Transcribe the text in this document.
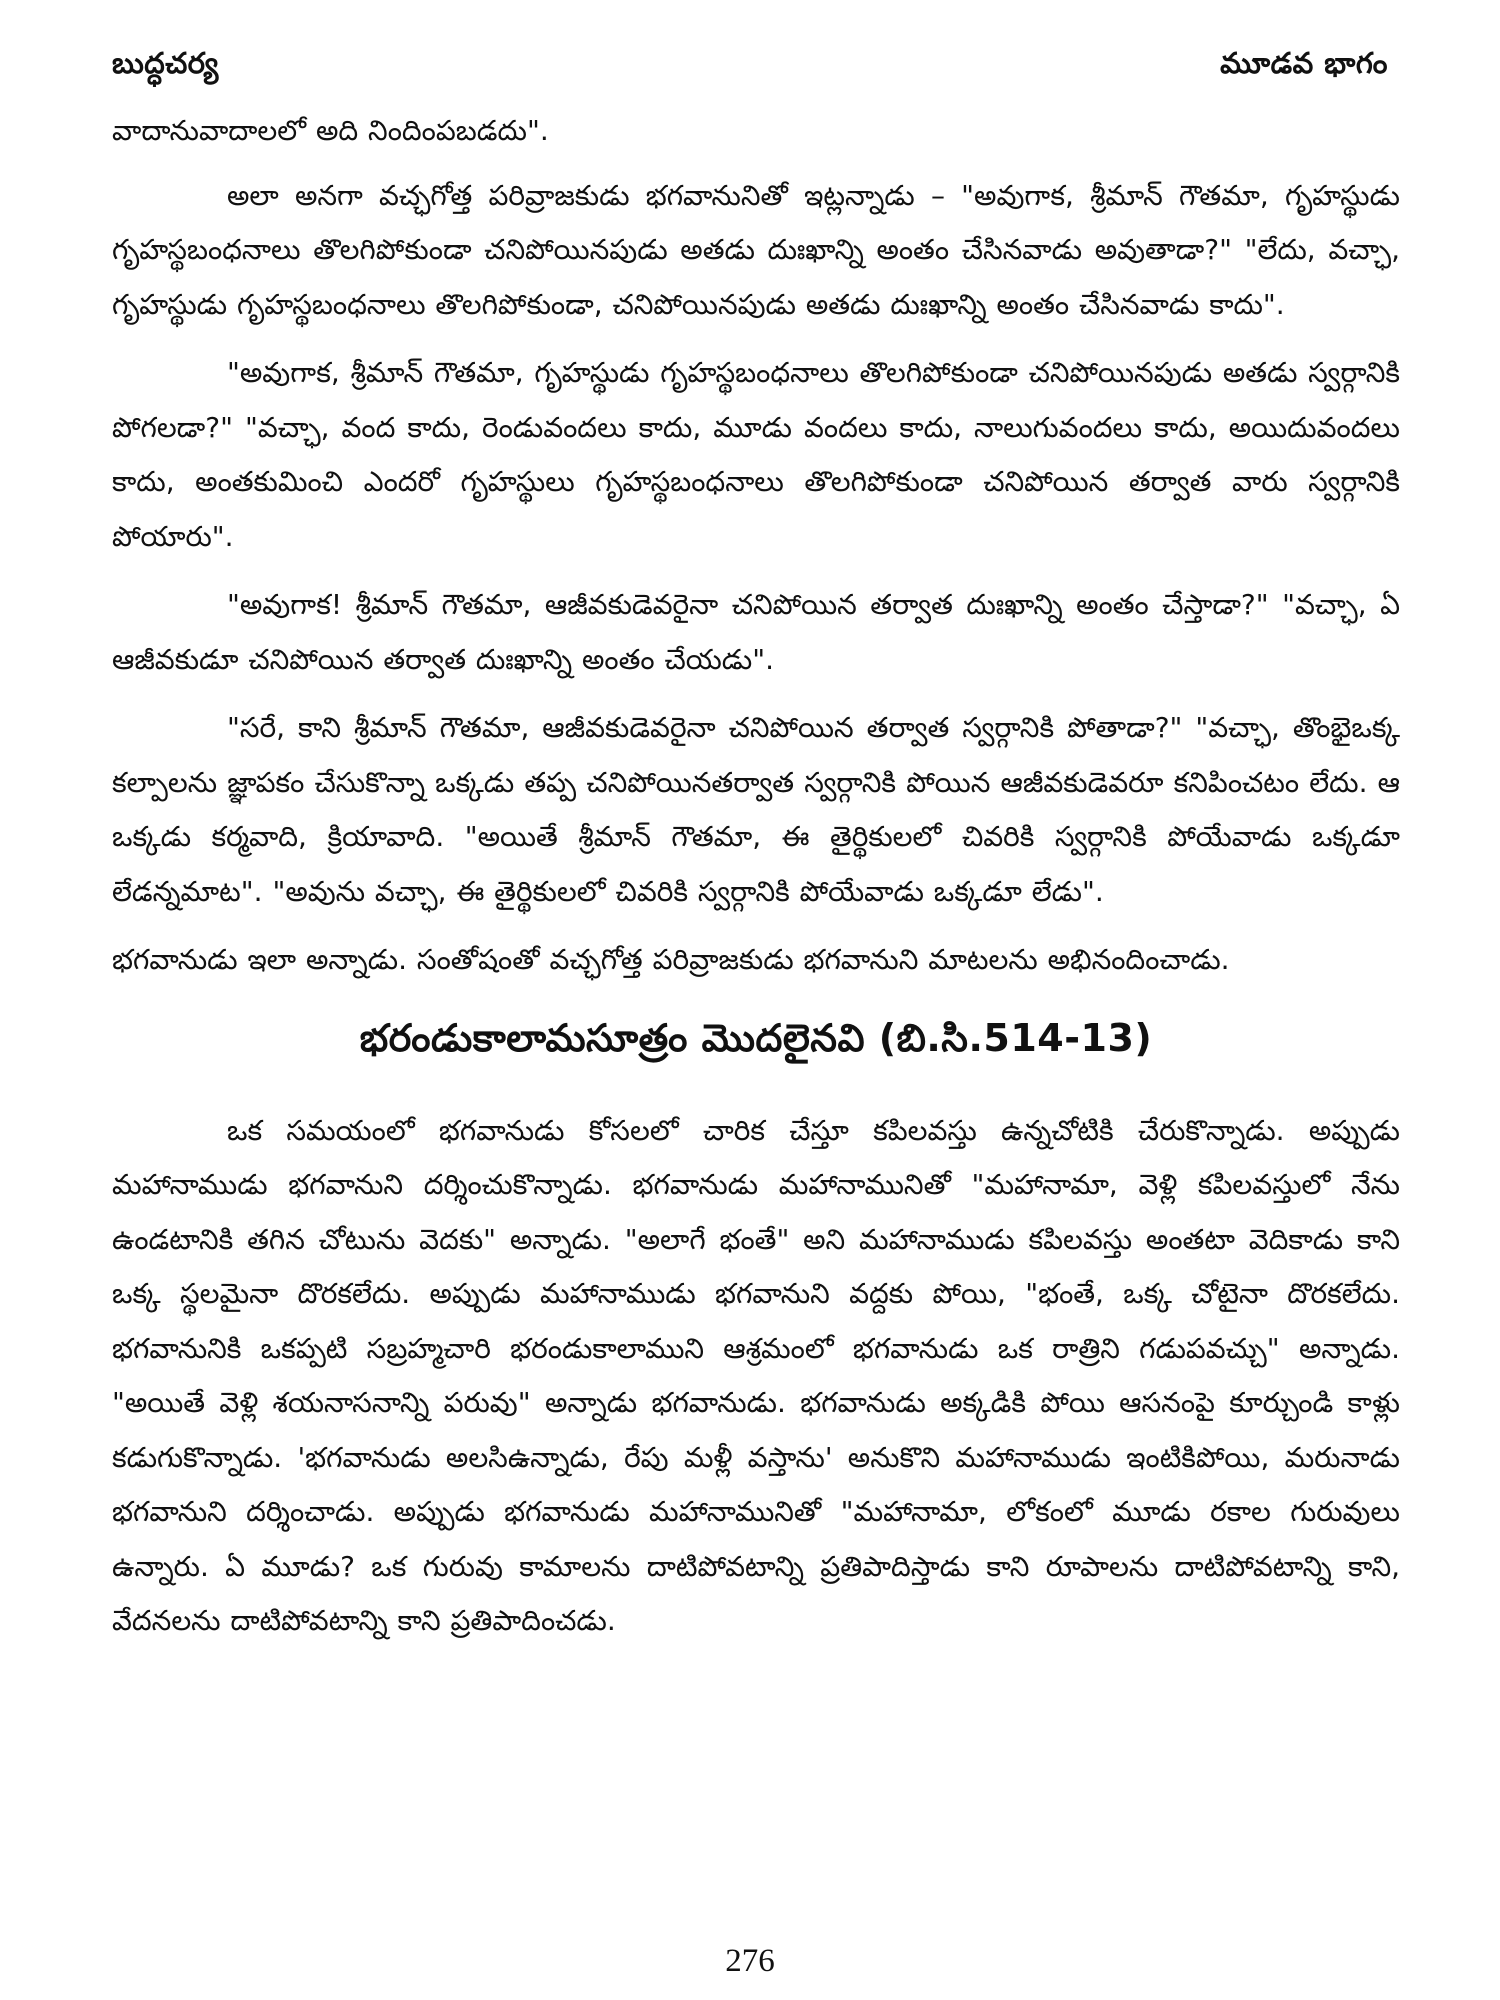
బుద్ధచర్య	మూడవ భాగం

వాదానువాదాలలో అది నిందింపబడదు".

అలా అనగా వచ్ఛగోత్త పరివ్రాజకుడు భగవానునితో ఇట్లన్నాడు – "అవుగాక, శ్రీమాన్ గౌతమా, గృహస్థుడు గృహస్థబంధనాలు తొలగిపోకుండా చనిపోయినపుడు అతడు దుఃఖాన్ని అంతం చేసినవాడు అవుతాడా?" "లేదు, వచ్ఛా, గృహస్థుడు గృహస్థబంధనాలు తొలగిపోకుండా, చనిపోయినపుడు అతడు దుఃఖాన్ని అంతం చేసినవాడు కాదు".

"అవుగాక, శ్రీమాన్ గౌతమా, గృహస్థుడు గృహస్థబంధనాలు తొలగిపోకుండా చనిపోయినపుడు అతడు స్వర్గానికి పోగలడా?" "వచ్ఛా, వంద కాదు, రెండువందలు కాదు, మూడు వందలు కాదు, నాలుగువందలు కాదు, అయిదువందలు కాదు, అంతకుమించి ఎందరో గృహస్థులు గృహస్థబంధనాలు తొలగిపోకుండా చనిపోయిన తర్వాత వారు స్వర్గానికి పోయారు".

"అవుగాక! శ్రీమాన్ గౌతమా, ఆజీవకుడెవరైనా చనిపోయిన తర్వాత దుఃఖాన్ని అంతం చేస్తాడా?" "వచ్ఛా, ఏ ఆజీవకుడూ చనిపోయిన తర్వాత దుఃఖాన్ని అంతం చేయడు".

"సరే, కాని శ్రీమాన్ గౌతమా, ఆజీవకుడెవరైనా చనిపోయిన తర్వాత స్వర్గానికి పోతాడా?" "వచ్ఛా, తొంభైఒక్క కల్పాలను జ్ఞాపకం చేసుకొన్నా ఒక్కడు తప్ప చనిపోయినతర్వాత స్వర్గానికి పోయిన ఆజీవకుడెవరూ కనిపించటం లేదు. ఆ ఒక్కడు కర్మవాది, క్రియావాది. "అయితే శ్రీమాన్ గౌతమా, ఈ తైర్థికులలో చివరికి స్వర్గానికి పోయేవాడు ఒక్కడూ లేడన్నమాట". "అవును వచ్ఛా, ఈ తైర్థికులలో చివరికి స్వర్గానికి పోయేవాడు ఒక్కడూ లేడు".

భగవానుడు ఇలా అన్నాడు. సంతోషంతో వచ్ఛగోత్త పరివ్రాజకుడు భగవానుని మాటలను అభినందించాడు.

భరండుకాలామసూత్రం మొదలైనవి (బి.సి.514-13)

ఒక సమయంలో భగవానుడు కోసలలో చారిక చేస్తూ కపిలవస్తు ఉన్నచోటికి చేరుకొన్నాడు. అప్పుడు మహానాముడు భగవానుని దర్శించుకొన్నాడు. భగవానుడు మహానామునితో "మహానామా, వెళ్లి కపిలవస్తులో నేను ఉండటానికి తగిన చోటును వెదకు" అన్నాడు. "అలాగే భంతే" అని మహానాముడు కపిలవస్తు అంతటా వెదికాడు కాని ఒక్క స్థలమైనా దొరకలేదు. అప్పుడు మహానాముడు భగవానుని వద్దకు పోయి, "భంతే, ఒక్క చోటైనా దొరకలేదు. భగవానునికి ఒకప్పటి సబ్రహ్మచారి భరండుకాలాముని ఆశ్రమంలో భగవానుడు ఒక రాత్రిని గడుపవచ్చు" అన్నాడు. "అయితే వెళ్లి శయనాసనాన్ని పరువు" అన్నాడు భగవానుడు. భగవానుడు అక్కడికి పోయి ఆసనంపై కూర్చుండి కాళ్లు కడుగుకొన్నాడు. 'భగవానుడు అలసిఉన్నాడు, రేపు మళ్లీ వస్తాను' అనుకొని మహానాముడు ఇంటికిపోయి, మరునాడు భగవానుని దర్శించాడు. అప్పుడు భగవానుడు మహానామునితో "మహానామా, లోకంలో మూడు రకాల గురువులు ఉన్నారు. ఏ మూడు? ఒక గురువు కామాలను దాటిపోవటాన్ని ప్రతిపాదిస్తాడు కాని రూపాలను దాటిపోవటాన్ని కాని, వేదనలను దాటిపోవటాన్ని కాని ప్రతిపాదించడు.

276
